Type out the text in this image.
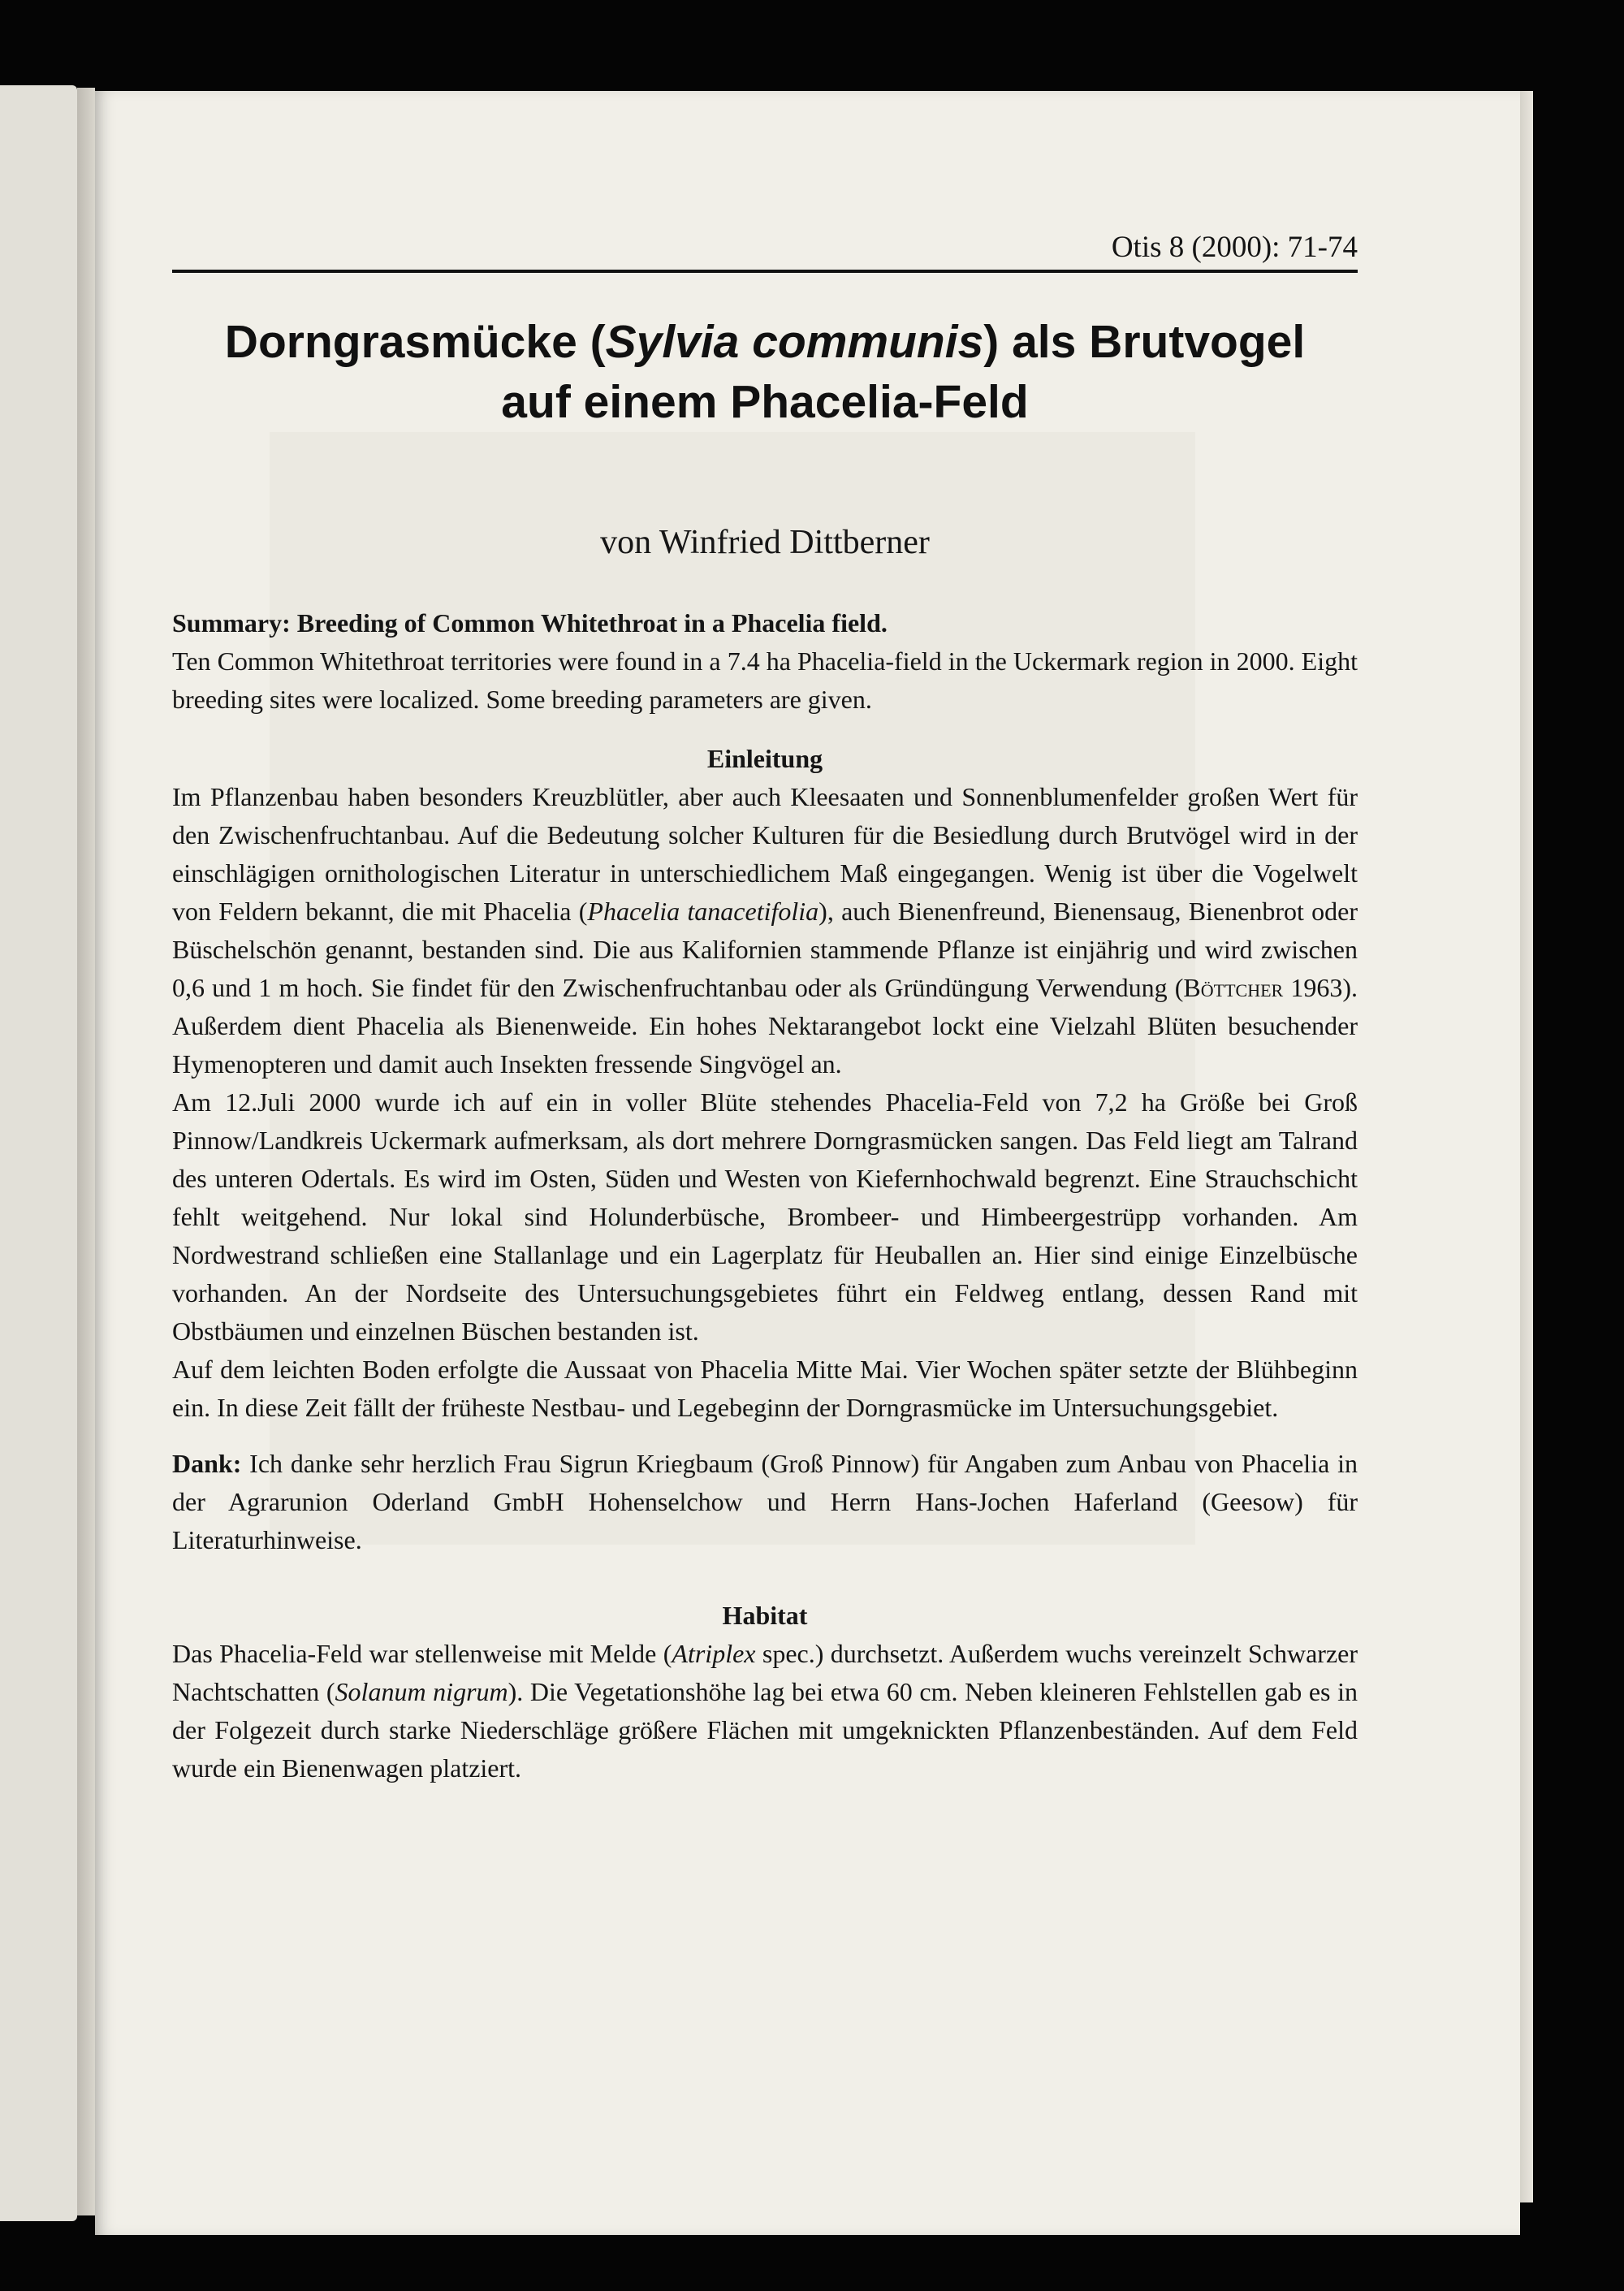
Otis 8 (2000): 71-74
Dorngrasmücke (Sylvia communis) als Brutvogel
auf einem Phacelia-Feld
von Winfried Dittberner
Summary: Breeding of Common Whitethroat in a Phacelia field.

Ten Common Whitethroat territories were found in a 7.4 ha Phacelia-field in the Uckermark region in 2000. Eight breeding sites were localized. Some breeding parameters are given.

Einleitung

Im Pflanzenbau haben besonders Kreuzblütler, aber auch Kleesaaten und Sonnenblumenfelder großen Wert für den Zwischenfruchtanbau. Auf die Bedeutung solcher Kulturen für die Besiedlung durch Brutvögel wird in der einschlägigen ornithologischen Literatur in unterschiedlichem Maß eingegangen. Wenig ist über die Vogelwelt von Feldern bekannt, die mit Phacelia (Phacelia tanacetifolia), auch Bienenfreund, Bienensaug, Bienenbrot oder Büschelschön genannt, bestanden sind. Die aus Kalifornien stammende Pflanze ist einjährig und wird zwischen 0,6 und 1 m hoch. Sie findet für den Zwischenfruchtanbau oder als Gründüngung Verwendung (Böttcher 1963). Außerdem dient Phacelia als Bienenweide. Ein hohes Nektarangebot lockt eine Vielzahl Blüten besuchender Hymenopteren und damit auch Insekten fressende Singvögel an.

Am 12.Juli 2000 wurde ich auf ein in voller Blüte stehendes Phacelia-Feld von 7,2 ha Größe bei Groß Pinnow/Landkreis Uckermark aufmerksam, als dort mehrere Dorngrasmücken sangen. Das Feld liegt am Talrand des unteren Odertals. Es wird im Osten, Süden und Westen von Kiefernhochwald begrenzt. Eine Strauchschicht fehlt weitgehend. Nur lokal sind Holunderbüsche, Brombeer- und Himbeergestrüpp vorhanden. Am Nordwestrand schließen eine Stallanlage und ein Lagerplatz für Heuballen an. Hier sind einige Einzelbüsche vorhanden. An der Nordseite des Untersuchungsgebietes führt ein Feldweg entlang, dessen Rand mit Obstbäumen und einzelnen Büschen bestanden ist.

Auf dem leichten Boden erfolgte die Aussaat von Phacelia Mitte Mai. Vier Wochen später setzte der Blühbeginn ein. In diese Zeit fällt der früheste Nestbau- und Legebeginn der Dorngrasmücke im Untersuchungsgebiet.

Dank: Ich danke sehr herzlich Frau Sigrun Kriegbaum (Groß Pinnow) für Angaben zum Anbau von Phacelia in der Agrarunion Oderland GmbH Hohenselchow und Herrn Hans-Jochen Haferland (Geesow) für Literaturhinweise.

Habitat

Das Phacelia-Feld war stellenweise mit Melde (Atriplex spec.) durchsetzt. Außerdem wuchs vereinzelt Schwarzer Nachtschatten (Solanum nigrum). Die Vegetationshöhe lag bei etwa 60 cm. Neben kleineren Fehlstellen gab es in der Folgezeit durch starke Niederschläge größere Flächen mit umgeknickten Pflanzenbeständen. Auf dem Feld wurde ein Bienenwagen platziert.
